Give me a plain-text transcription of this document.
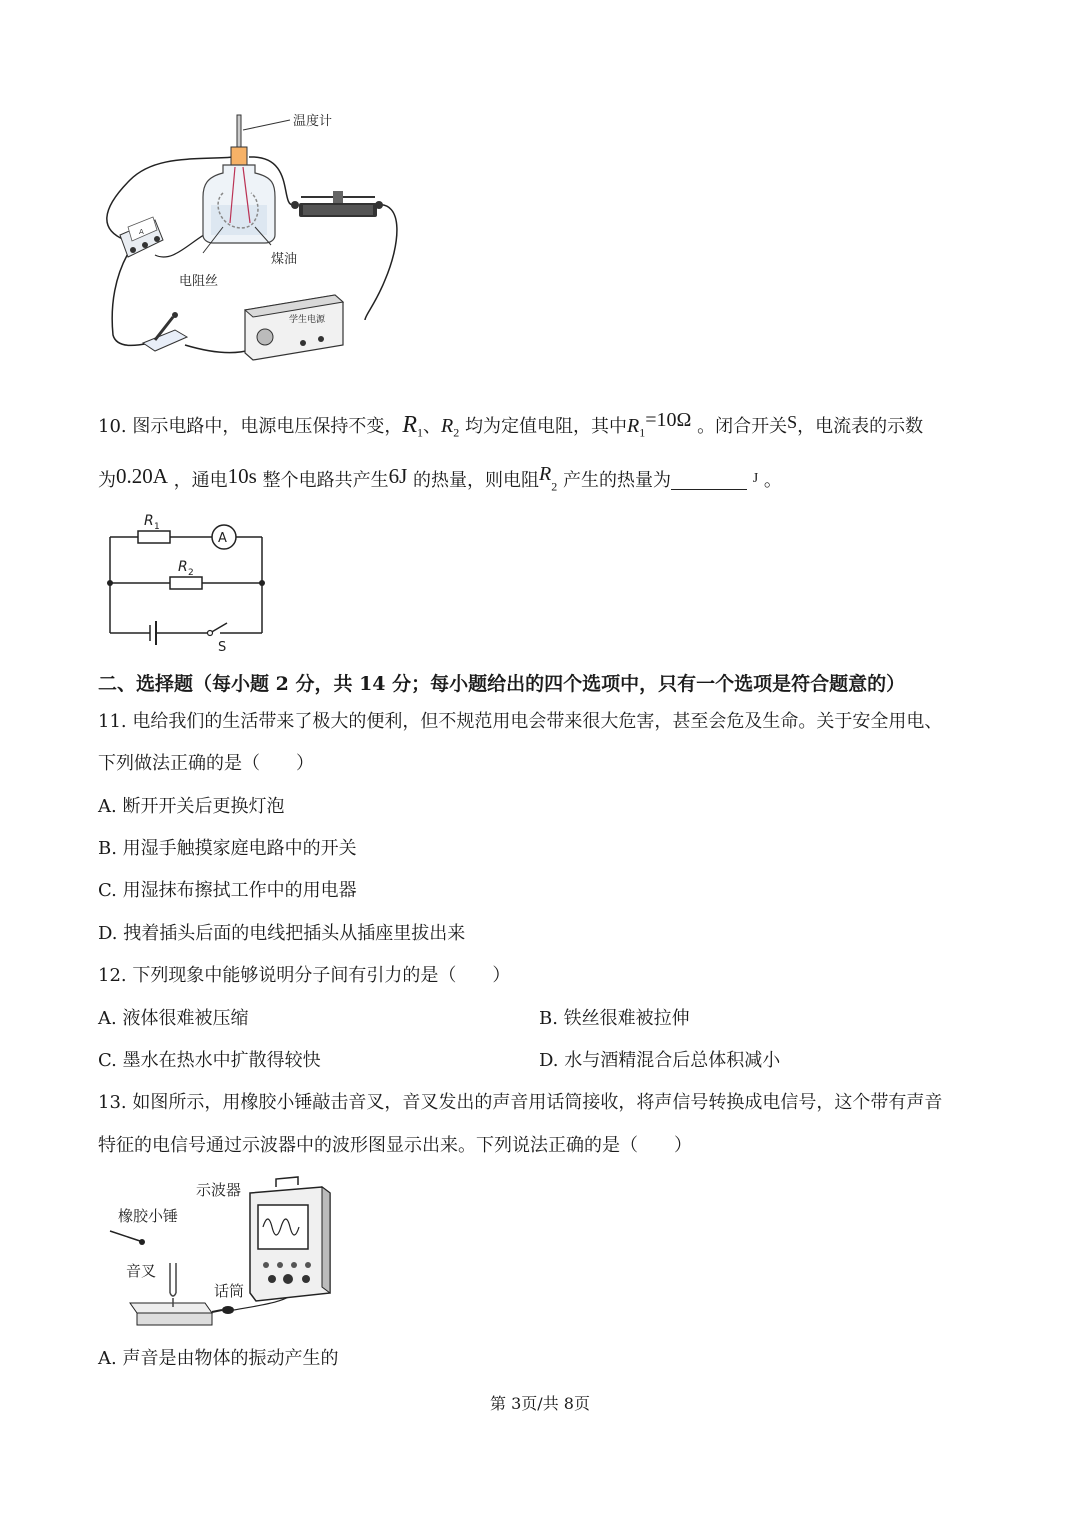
温度计
煤油
电阻丝
A
学生电源
10. 图示电路中，电源电压保持不变，$R_1$、$R_2$ 均为定值电阻，其中$R_1=10\Omega$ 。闭合开关S，电流表的示数
为0.20A ，通电10s 整个电路共产生6J 的热量，则电阻$R_2$ 产生的热量为	$^J$ 。
R 1
R 2
A
S
二、选择题（每小题 2 分，共 14 分；每小题给出的四个选项中，只有一个选项是符合题意的）
11. 电给我们的生活带来了极大的便利，但不规范用电会带来很大危害，甚至会危及生命。关于安全用电、
下列做法正确的是（　　）
A. 断开开关后更换灯泡
B. 用湿手触摸家庭电路中的开关
C. 用湿抹布擦拭工作中的用电器
D. 拽着插头后面的电线把插头从插座里拔出来
12. 下列现象中能够说明分子间有引力的是（　　）
A. 液体很难被压缩	B. 铁丝很难被拉伸
C. 墨水在热水中扩散得较快	D. 水与酒精混合后总体积减小
13. 如图所示，用橡胶小锤敲击音叉，音叉发出的声音用话筒接收，将声信号转换成电信号，这个带有声音
特征的电信号通过示波器中的波形图显示出来。下列说法正确的是（　　）
示波器
橡胶小锤
音叉
话筒
A. 声音是由物体的振动产生的
第 3页/共 8页
